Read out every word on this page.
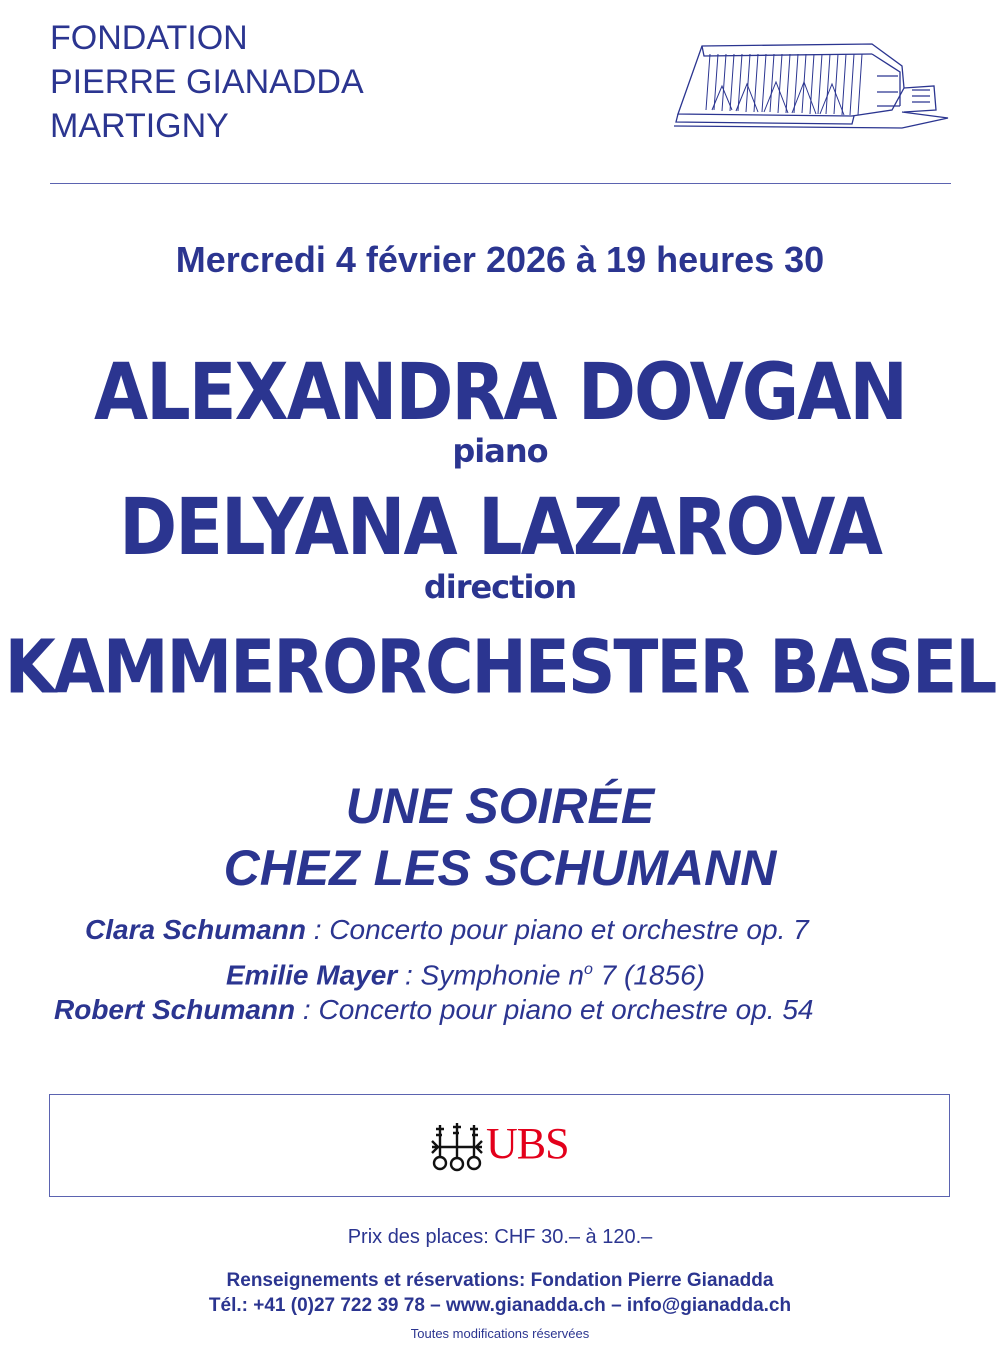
FONDATION
PIERRE GIANADDA
MARTIGNY
Mercredi 4 février 2026 à 19 heures 30
ALEXANDRA DOVGAN
piano
DELYANA LAZAROVA
direction
KAMMERORCHESTER BASEL
UNE SOIRÉE
CHEZ LES SCHUMANN
Clara Schumann : Concerto pour piano et orchestre op. 7
Emilie Mayer : Symphonie $n^o$ 7 (1856)
Robert Schumann : Concerto pour piano et orchestre op. 54
UBS
Prix des places: CHF 30.– à 120.–
Renseignements et réservations: Fondation Pierre Gianadda
Tél.: +41 (0)27 722 39 78 – www.gianadda.ch – info@gianadda.ch
Toutes modifications réservées
